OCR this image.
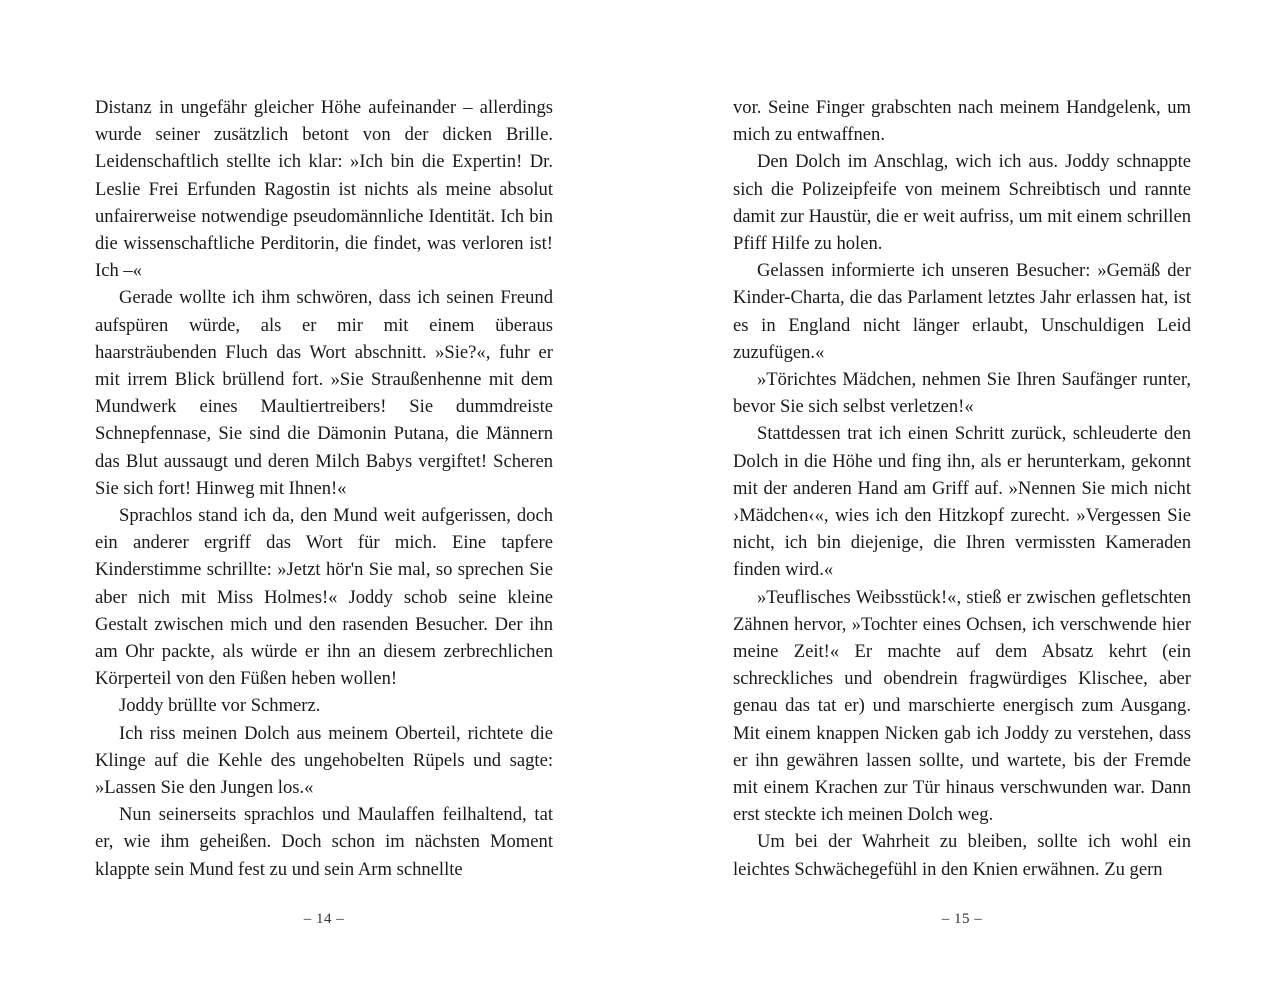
Distanz in ungefähr gleicher Höhe aufeinander – allerdings wurde seiner zusätzlich betont von der dicken Brille. Leidenschaftlich stellte ich klar: »Ich bin die Expertin! Dr. Leslie Frei Erfunden Ragostin ist nichts als meine absolut unfairerweise notwendige pseudomännliche Identität. Ich bin die wissenschaftliche Perditorin, die findet, was verloren ist! Ich –«

Gerade wollte ich ihm schwören, dass ich seinen Freund aufspüren würde, als er mir mit einem überaus haarsträubenden Fluch das Wort abschnitt. »Sie?«, fuhr er mit irrem Blick brüllend fort. »Sie Straußenhenne mit dem Mundwerk eines Maultiertreibers! Sie dummdreiste Schnepfennase, Sie sind die Dämonin Putana, die Männern das Blut aussaugt und deren Milch Babys vergiftet! Scheren Sie sich fort! Hinweg mit Ihnen!«

Sprachlos stand ich da, den Mund weit aufgerissen, doch ein anderer ergriff das Wort für mich. Eine tapfere Kinderstimme schrillte: »Jetzt hör'n Sie mal, so sprechen Sie aber nich mit Miss Holmes!« Joddy schob seine kleine Gestalt zwischen mich und den rasenden Besucher. Der ihn am Ohr packte, als würde er ihn an diesem zerbrechlichen Körperteil von den Füßen heben wollen!

Joddy brüllte vor Schmerz.

Ich riss meinen Dolch aus meinem Oberteil, richtete die Klinge auf die Kehle des ungehobelten Rüpels und sagte: »Lassen Sie den Jungen los.«

Nun seinerseits sprachlos und Maulaffen feilhaltend, tat er, wie ihm geheißen. Doch schon im nächsten Moment klappte sein Mund fest zu und sein Arm schnellte

– 14 –

vor. Seine Finger grabschten nach meinem Handgelenk, um mich zu entwaffnen.

Den Dolch im Anschlag, wich ich aus. Joddy schnappte sich die Polizeipfeife von meinem Schreibtisch und rannte damit zur Haustür, die er weit aufriss, um mit einem schrillen Pfiff Hilfe zu holen.

Gelassen informierte ich unseren Besucher: »Gemäß der Kinder-Charta, die das Parlament letztes Jahr erlassen hat, ist es in England nicht länger erlaubt, Unschuldigen Leid zuzufügen.«

»Törichtes Mädchen, nehmen Sie Ihren Saufänger runter, bevor Sie sich selbst verletzen!«

Stattdessen trat ich einen Schritt zurück, schleuderte den Dolch in die Höhe und fing ihn, als er herunterkam, gekonnt mit der anderen Hand am Griff auf. »Nennen Sie mich nicht ›Mädchen‹«, wies ich den Hitzkopf zurecht. »Vergessen Sie nicht, ich bin diejenige, die Ihren vermissten Kameraden finden wird.«

»Teuflisches Weibsstück!«, stieß er zwischen gefletschten Zähnen hervor, »Tochter eines Ochsen, ich verschwende hier meine Zeit!« Er machte auf dem Absatz kehrt (ein schreckliches und obendrein fragwürdiges Klischee, aber genau das tat er) und marschierte energisch zum Ausgang. Mit einem knappen Nicken gab ich Joddy zu verstehen, dass er ihn gewähren lassen sollte, und wartete, bis der Fremde mit einem Krachen zur Tür hinaus verschwunden war. Dann erst steckte ich meinen Dolch weg.

Um bei der Wahrheit zu bleiben, sollte ich wohl ein leichtes Schwächegefühl in den Knien erwähnen. Zu gern

– 15 –
